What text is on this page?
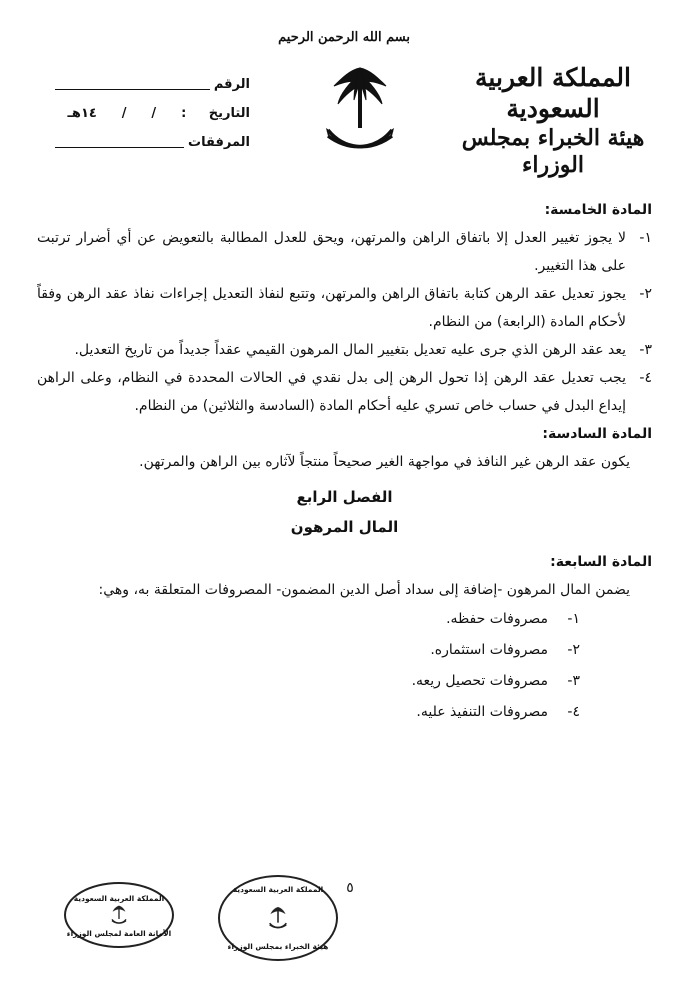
بسم الله الرحمن الرحيم
المملكة العربية السعودية
هيئة الخبراء بمجلس الوزراء
الرقم
التاريخ
:
/
/
١٤هـ
المرفقات
المادة الخامسة:
١-
لا يجوز تغيير العدل إلا باتفاق الراهن والمرتهن، ويحق للعدل المطالبة بالتعويض عن أي أضرار ترتبت على هذا التغيير.
٢-
يجوز تعديل عقد الرهن كتابة باتفاق الراهن والمرتهن، وتتبع لنفاذ التعديل إجراءات نفاذ عقد الرهن وفقاً لأحكام المادة (الرابعة) من النظام.
٣-
يعد عقد الرهن الذي جرى عليه تعديل بتغيير المال المرهون القيمي عقداً جديداً من تاريخ التعديل.
٤-
يجب تعديل عقد الرهن إذا تحول الرهن إلى بدل نقدي في الحالات المحددة في النظام، وعلى الراهن إيداع البدل في حساب خاص تسري عليه أحكام المادة (السادسة والثلاثين) من النظام.
المادة السادسة:
يكون عقد الرهن غير النافذ في مواجهة الغير صحيحاً منتجاً لآثاره بين الراهن والمرتهن.
الفصل الرابع
المال المرهون
المادة السابعة:
يضمن المال المرهون -إضافة إلى سداد أصل الدين المضمون- المصروفات المتعلقة به، وهي:
١-
مصروفات حفظه.
٢-
مصروفات استثماره.
٣-
مصروفات تحصيل ريعه.
٤-
مصروفات التنفيذ عليه.
٥
المملكة العربية السعودية
الأمانة العامة لمجلس الوزراء
المملكة العربية السعودية
هيئة الخبراء بمجلس الوزراء
